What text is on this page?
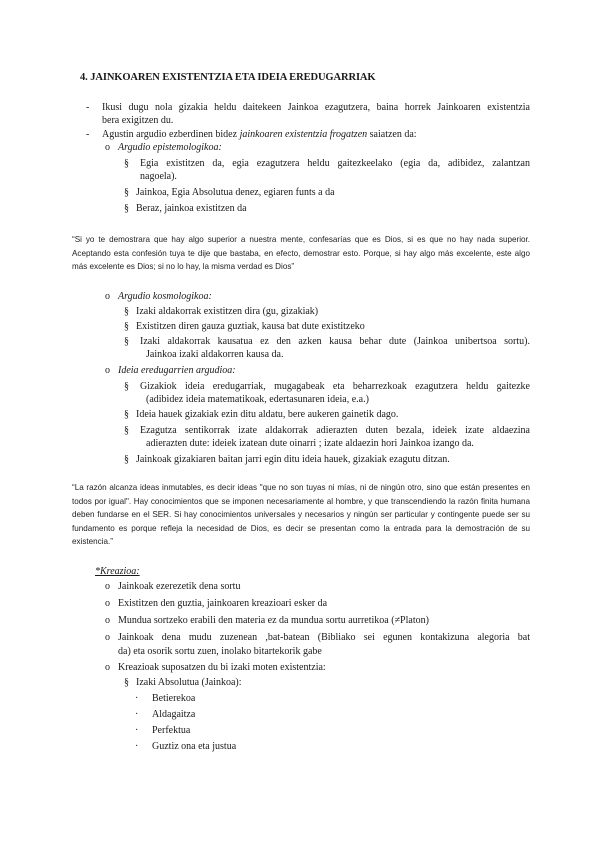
4. JAINKOAREN EXISTENTZIA ETA IDEIA EREDUGARRIAK
- Ikusi dugu nola gizakia heldu daitekeen Jainkoa ezagutzera, baina horrek Jainkoaren existentzia
bera exigitzen du.
- Agustin argudio ezberdinen bidez jainkoaren existentzia frogatzen saiatzen da:
o Argudio epistemologikoa:
§ Egia existitzen da, egia ezagutzera heldu gaitezkeelako (egia da, adibidez, zalantzan
nagoela).
§ Jainkoa, Egia Absolutua denez, egiaren funts a da
§ Beraz, jainkoa existitzen da
“Si yo te demostrara que hay algo superior a nuestra mente, confesarías que es Dios, si es que no hay nada superior. Aceptando esta confesión tuya te dije que bastaba, en efecto, demostrar esto. Porque, si hay algo más excelente, este algo más excelente es Dios; si no lo hay, la misma verdad es Dios”
o Argudio kosmologikoa:
§ Izaki aldakorrak existitzen dira (gu, gizakiak)
§ Existitzen diren gauza guztiak, kausa bat dute existitzeko
§ Izaki aldakorrak kausatua ez den azken kausa behar dute (Jainkoa unibertsoa sortu).
Jainkoa izaki aldakorren kausa da.
o Ideia eredugarrien argudioa:
§ Gizakiok ideia eredugarriak, mugagabeak eta beharrezkoak ezagutzera heldu gaitezke
(adibidez ideia matematikoak, edertasunaren ideia, e.a.)
§ Ideia hauek gizakiak ezin ditu aldatu, bere aukeren gainetik dago.
§ Ezagutza sentikorrak izate aldakorrak adierazten duten bezala, ideiek izate aldaezina
adierazten dute: ideiek izatean dute oinarri ; izate aldaezin hori Jainkoa izango da.
§ Jainkoak gizakiaren baitan jarri egin ditu ideia hauek, gizakiak ezagutu ditzan.
“La razón alcanza ideas inmutables, es decir ideas "que no son tuyas ni mías, ni de ningún otro, sino que están presentes en todos por igual". Hay conocimientos que se imponen necesariamente al hombre, y que transcendiendo la razón finita humana deben fundarse en el SER. Si hay conocimientos universales y necesarios y ningún ser particular y contingente puede ser su fundamento es porque refleja la necesidad de Dios, es decir se presentan como la entrada para la demostración de su existencia.”
*Kreazioa:
o Jainkoak ezerezetik dena sortu
o Existitzen den guztia, jainkoaren kreazioari esker da
o Mundua sortzeko erabili den materia ez da mundua sortu aurretikoa (≠Platon)
o Jainkoak dena mudu zuzenean ,bat-batean (Bibliako sei egunen kontakizuna alegoria bat
da) eta osorik sortu zuen, inolako bitartekorik gabe
o Kreazioak suposatzen du bi izaki moten existentzia:
§ Izaki Absolutua (Jainkoa):
· Betierekoa
· Aldagaitza
· Perfektua
· Guztiz ona eta justua
